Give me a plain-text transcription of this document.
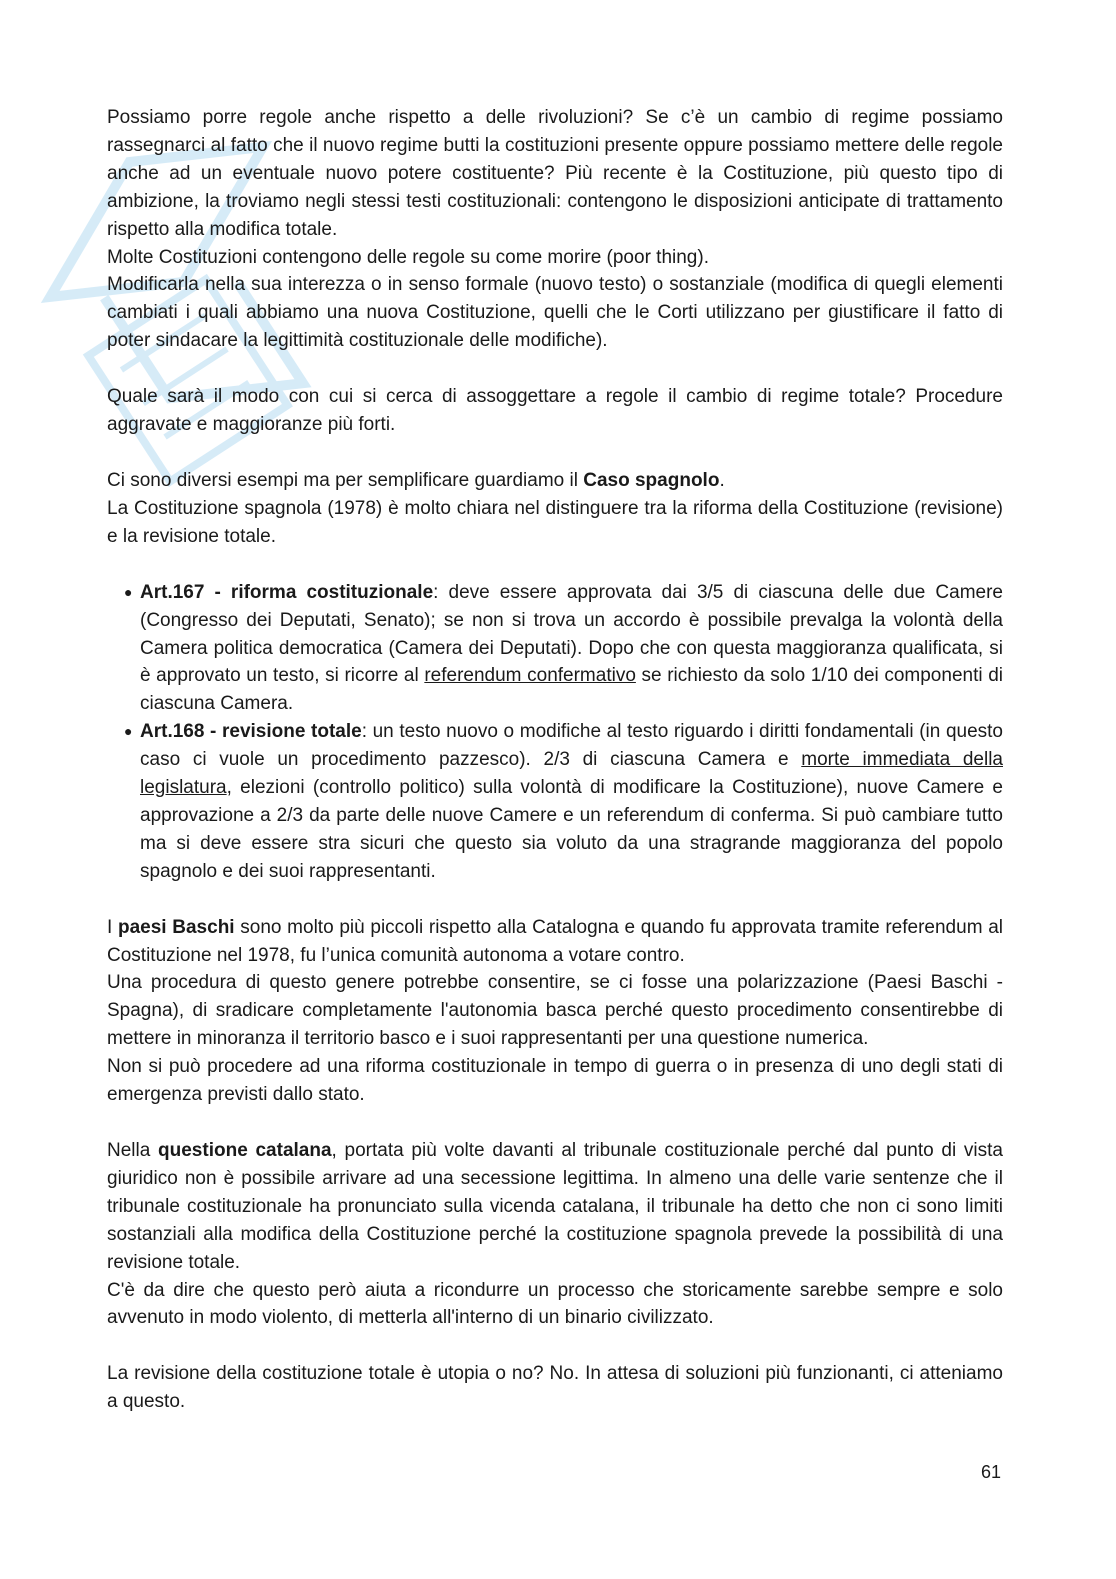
Possiamo porre regole anche rispetto a delle rivoluzioni? Se c’è un cambio di regime possiamo rassegnarci al fatto che il nuovo regime butti la costituzioni presente oppure possiamo mettere delle regole anche ad un eventuale nuovo potere costituente? Più recente è la Costituzione, più questo tipo di ambizione, la troviamo negli stessi testi costituzionali: contengono le disposizioni anticipate di trattamento rispetto alla modifica totale.

Molte Costituzioni contengono delle regole su come morire (poor thing).

Modificarla nella sua interezza o in senso formale (nuovo testo) o sostanziale (modifica di quegli elementi cambiati i quali abbiamo una nuova Costituzione, quelli che le Corti utilizzano per giustificare il fatto di poter sindacare la legittimità costituzionale delle modifiche).

Quale sarà il modo con cui si cerca di assoggettare a regole il cambio di regime totale? Procedure aggravate e maggioranze più forti.

Ci sono diversi esempi ma per semplificare guardiamo il Caso spagnolo.

La Costituzione spagnola (1978) è molto chiara nel distinguere tra la riforma della Costituzione (revisione) e la revisione totale.

● Art.167 - riforma costituzionale: deve essere approvata dai 3/5 di ciascuna delle due Camere (Congresso dei Deputati, Senato); se non si trova un accordo è possibile prevalga la volontà della Camera politica democratica (Camera dei Deputati). Dopo che con questa maggioranza qualificata, si è approvato un testo, si ricorre al referendum confermativo se richiesto da solo 1/10 dei componenti di ciascuna Camera.
● Art.168 - revisione totale: un testo nuovo o modifiche al testo riguardo i diritti fondamentali (in questo caso ci vuole un procedimento pazzesco). 2/3 di ciascuna Camera e morte immediata della legislatura, elezioni (controllo politico) sulla volontà di modificare la Costituzione), nuove Camere e approvazione a 2/3 da parte delle nuove Camere e un referendum di conferma. Si può cambiare tutto ma si deve essere stra sicuri che questo sia voluto da una stragrande maggioranza del popolo spagnolo e dei suoi rappresentanti.

I paesi Baschi sono molto più piccoli rispetto alla Catalogna e quando fu approvata tramite referendum al Costituzione nel 1978, fu l’unica comunità autonoma a votare contro.

Una procedura di questo genere potrebbe consentire, se ci fosse una polarizzazione (Paesi Baschi - Spagna), di sradicare completamente l'autonomia basca perché questo procedimento consentirebbe di mettere in minoranza il territorio basco e i suoi rappresentanti per una questione numerica.

Non si può procedere ad una riforma costituzionale in tempo di guerra o in presenza di uno degli stati di emergenza previsti dallo stato.

Nella questione catalana, portata più volte davanti al tribunale costituzionale perché dal punto di vista giuridico non è possibile arrivare ad una secessione legittima. In almeno una delle varie sentenze che il tribunale costituzionale ha pronunciato sulla vicenda catalana, il tribunale ha detto che non ci sono limiti sostanziali alla modifica della Costituzione perché la costituzione spagnola prevede la possibilità di una revisione totale.

C'è da dire che questo però aiuta a ricondurre un processo che storicamente sarebbe sempre e solo avvenuto in modo violento, di metterla all'interno di un binario civilizzato.

La revisione della costituzione totale è utopia o no? No. In attesa di soluzioni più funzionanti, ci atteniamo a questo.

61
